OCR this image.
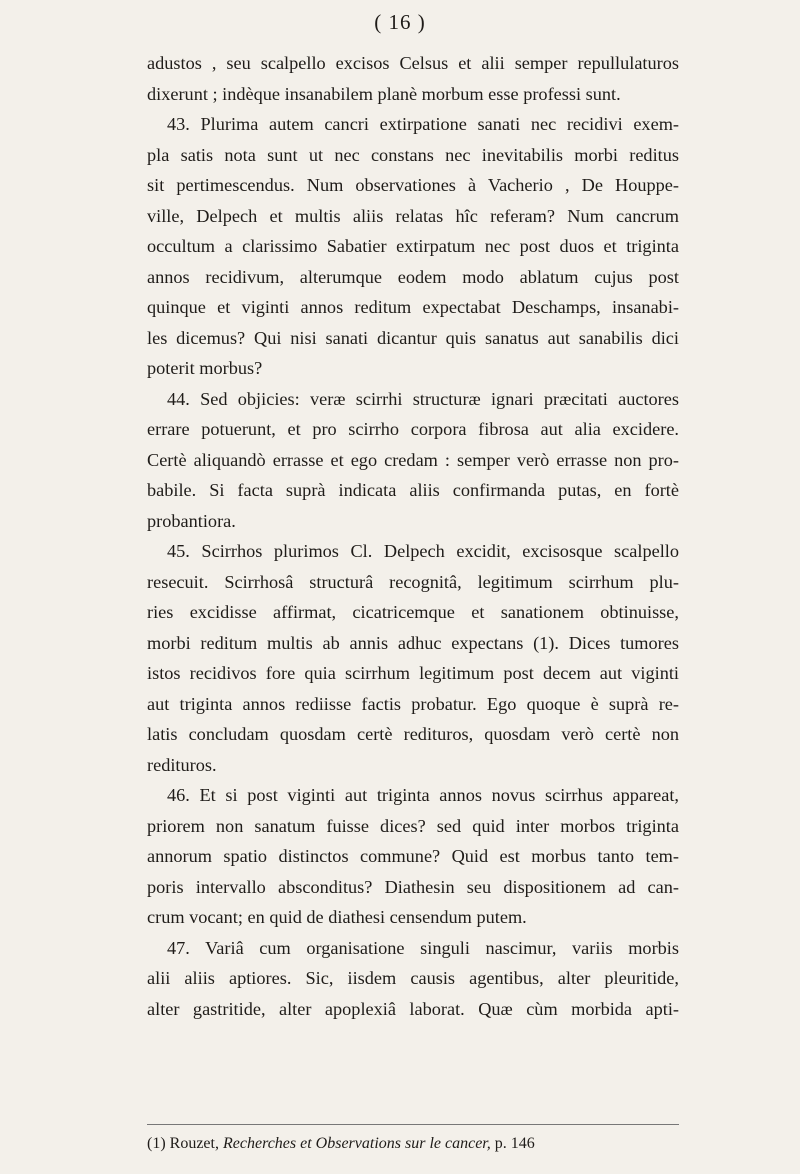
( 16 )
adustos , seu scalpello excisos Celsus et alii semper repullulaturos
dixerunt ; indèque insanabilem planè morbum esse professi sunt.
43. Plurima autem cancri extirpatione sanati nec recidivi exem-
pla satis nota sunt ut nec constans nec inevitabilis morbi reditus
sit pertimescendus. Num observationes à Vacherio , De Houppe-
ville, Delpech et multis aliis relatas hîc referam? Num cancrum
occultum a clarissimo Sabatier extirpatum nec post duos et triginta
annos recidivum, alterumque eodem modo ablatum cujus post
quinque et viginti annos reditum expectabat Deschamps, insanabi-
les dicemus? Qui nisi sanati dicantur quis sanatus aut sanabilis dici
poterit morbus?
44. Sed objicies: veræ scirrhi structuræ ignari præcitati auctores
errare potuerunt, et pro scirrho corpora fibrosa aut alia excidere.
Certè aliquandò errasse et ego credam : semper verò errasse non pro-
babile. Si facta suprà indicata aliis confirmanda putas, en fortè
probantiora.
45. Scirrhos plurimos Cl. Delpech excidit, excisosque scalpello
resecuit. Scirrhosâ structurâ recognitâ, legitimum scirrhum plu-
ries excidisse affirmat, cicatricemque et sanationem obtinuisse,
morbi reditum multis ab annis adhuc expectans (1). Dices tumores
istos recidivos fore quia scirrhum legitimum post decem aut viginti
aut triginta annos rediisse factis probatur. Ego quoque è suprà re-
latis concludam quosdam certè redituros, quosdam verò certè non
redituros.
46. Et si post viginti aut triginta annos novus scirrhus appareat,
priorem non sanatum fuisse dices? sed quid inter morbos triginta
annorum spatio distinctos commune? Quid est morbus tanto tem-
poris intervallo absconditus? Diathesin seu dispositionem ad can-
crum vocant; en quid de diathesi censendum putem.
47. Variâ cum organisatione singuli nascimur, variis morbis
alii aliis aptiores. Sic, iisdem causis agentibus, alter pleuritide,
alter gastritide, alter apoplexiâ laborat. Quæ cùm morbida apti-
(1) Rouzet, Recherches et Observations sur le cancer, p. 146
